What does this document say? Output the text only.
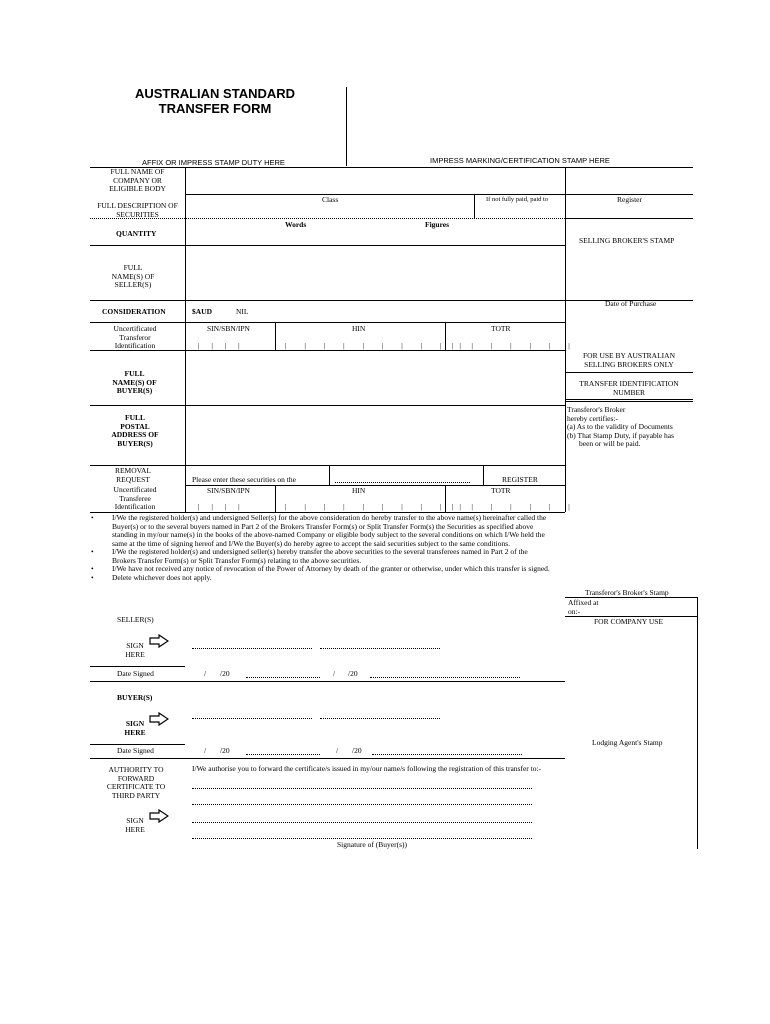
AUSTRALIAN STANDARD
TRANSFER FORM
AFFIX OR IMPRESS STAMP DUTY HERE	IMPRESS MARKING/CERTIFICATION STAMP HERE
FULL NAME OF COMPANY OR ELIGIBLE BODY
FULL DESCRIPTION OF SECURITIES
Class	If not fully paid, paid to	Register
QUANTITY
Words	Figures
SELLING BROKER'S STAMP
FULL NAME(S) OF SELLER(S)
Date of Purchase
CONSIDERATION	$AUD	NIL
Uncertificated Transferor Identification
SIN/SBN/IPN	HIN	TOTR
| | | |	| | | | | | | | | |
| | | | | | |
FOR USE BY AUSTRALIAN
SELLING BROKERS ONLY
TRANSFER IDENTIFICATION
NUMBER
FULL NAME(S) OF BUYER(S)
FULL POSTAL ADDRESS OF BUYER(S)
Transferor's Broker
hereby certifies:-
(a) As to the validity of Documents
(b) That Stamp Duty, if payable has
been or will be paid.
REMOVAL REQUEST	Please enter these securities on the	REGISTER
Uncertificated Transferee Identification
SIN/SBN/IPN	HIN	TOTR
| | | |	| | | | | | | | | |
| | | | | | |
•	I/We the registered holder(s) and undersigned Seller(s) for the above consideration do hereby transfer to the above name(s) hereinafter called the Buyer(s) or to the several buyers named in Part 2 of the Brokers Transfer Form(s) or Split Transfer Form(s) the Securities as specified above standing in my/our name(s) in the books of the above-named Company or eligible body subject to the several conditions on which I/We held the same at the time of signing hereof and I/We the Buyer(s) do hereby agree to accept the said securities subject to the same conditions.
•	I/We the registered holder(s) and undersigned seller(s) hereby transfer the above securities to the several transferees named in Part 2 of the Brokers Transfer Form(s) or Split Transfer Form(s) relating to the above securities.
•	I/We have not received any notice of revocation of the Power of Attorney by death of the granter or otherwise, under which this transfer is signed.
•	Delete whichever does not apply.
Transferor's Broker's Stamp
Affixed at
on:-
FOR COMPANY USE
Lodging Agent's Stamp
SELLER(S)
SIGN HERE
Date Signed	/ /20	/ /20
BUYER(S)
SIGN HERE
Date Signed	/ /20	/ /20
AUTHORITY TO FORWARD CERTIFICATE TO THIRD PARTY
I/We authorise you to forward the certificate/s issued in my/our name/s following the registration of this transfer to:-
SIGN HERE
Signature of (Buyer(s))
